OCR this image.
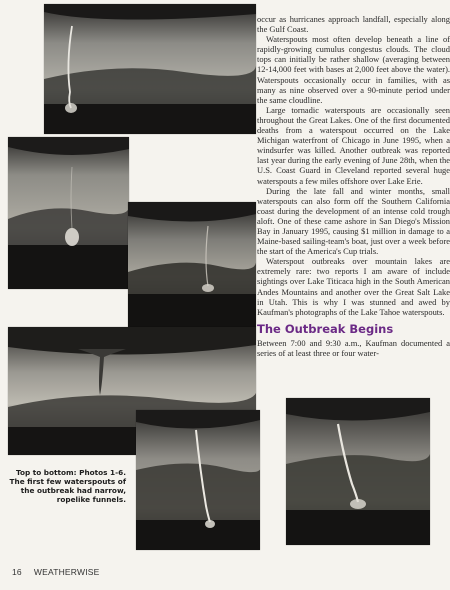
occur as hurricanes approach landfall, especially along the Gulf Coast.

Waterspouts most often develop beneath a line of rapidly-growing cumulus congestus clouds. The cloud tops can initially be rather shallow (averaging between 12-14,000 feet with bases at 2,000 feet above the water). Waterspouts occasionally occur in families, with as many as nine observed over a 90-minute period under the same cloudline.

Large tornadic waterspouts are occasionally seen throughout the Great Lakes. One of the first documented deaths from a waterspout occurred on the Lake Michigan waterfront of Chicago in June 1995, when a windsurfer was killed. Another outbreak was reported last year during the early evening of June 28th, when the U.S. Coast Guard in Cleveland reported several huge waterspouts a few miles offshore over Lake Erie.

During the late fall and winter months, small waterspouts can also form off the Southern California coast during the development of an intense cold trough aloft. One of these came ashore in San Diego's Mission Bay in January 1995, causing $1 million in damage to a Maine-based sailing-team's boat, just over a week before the start of the America's Cup trials.

Waterspout outbreaks over mountain lakes are extremely rare: two reports I am aware of include sightings over Lake Titicaca high in the South American Andes Mountains and another over the Great Salt Lake in Utah. This is why I was stunned and awed by Kaufman's photographs of the Lake Tahoe waterspouts.

The Outbreak Begins

Between 7:00 and 9:30 a.m., Kaufman documented a series of at least three or four water-

Top to bottom: Photos 1-6. The first few waterspouts of the outbreak had narrow, ropelike funnels.
16 WEATHERWISE
